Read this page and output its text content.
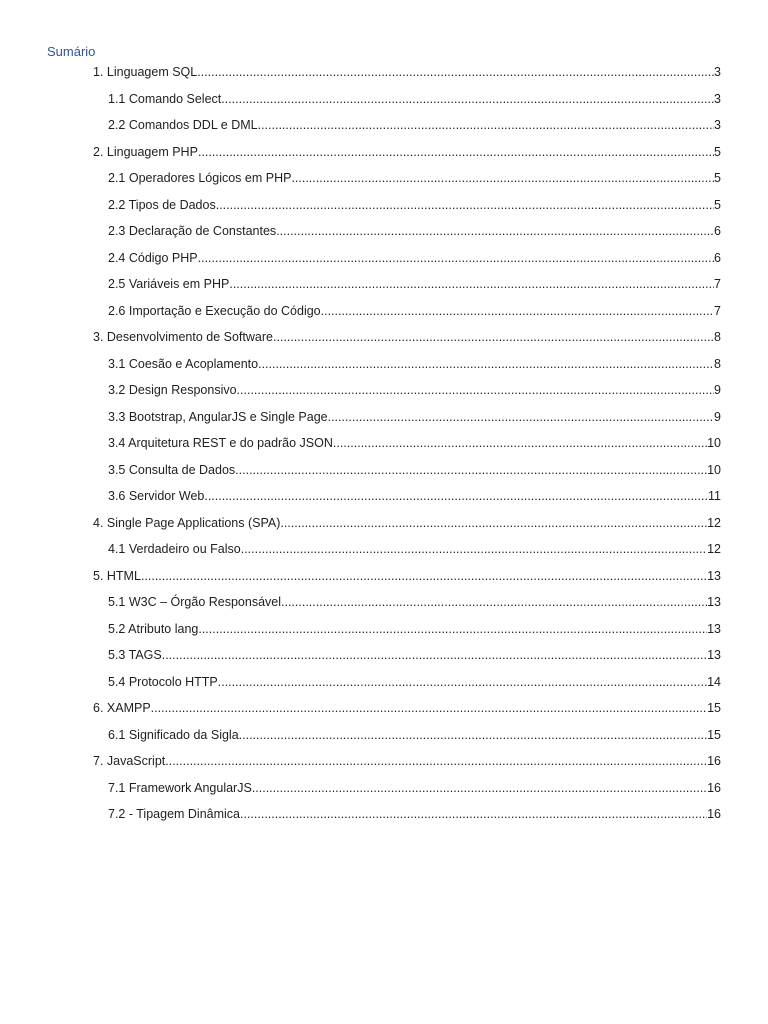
Sumário
1. Linguagem SQL .....	3
1.1 Comando Select .....	3
2.2 Comandos DDL e DML .....	3
2. Linguagem PHP .....	5
2.1 Operadores Lógicos em PHP .....	5
2.2 Tipos de Dados .....	5
2.3 Declaração de Constantes .....	6
2.4 Código PHP .....	6
2.5 Variáveis em PHP .....	7
2.6 Importação e Execução do Código .....	7
3. Desenvolvimento de Software .....	8
3.1 Coesão e Acoplamento .....	8
3.2 Design Responsivo .....	9
3.3 Bootstrap, AngularJS e Single Page .....	9
3.4 Arquitetura REST e do padrão JSON .....	10
3.5 Consulta de Dados .....	10
3.6 Servidor Web .....	11
4. Single Page Applications (SPA) .....	12
4.1 Verdadeiro ou Falso .....	12
5. HTML .....	13
5.1 W3C – Órgão Responsável .....	13
5.2 Atributo lang .....	13
5.3 TAGS .....	13
5.4 Protocolo HTTP .....	14
6. XAMPP .....	15
6.1 Significado da Sigla .....	15
7. JavaScript .....	16
7.1 Framework AngularJS .....	16
7.2 - Tipagem Dinâmica .....	16
